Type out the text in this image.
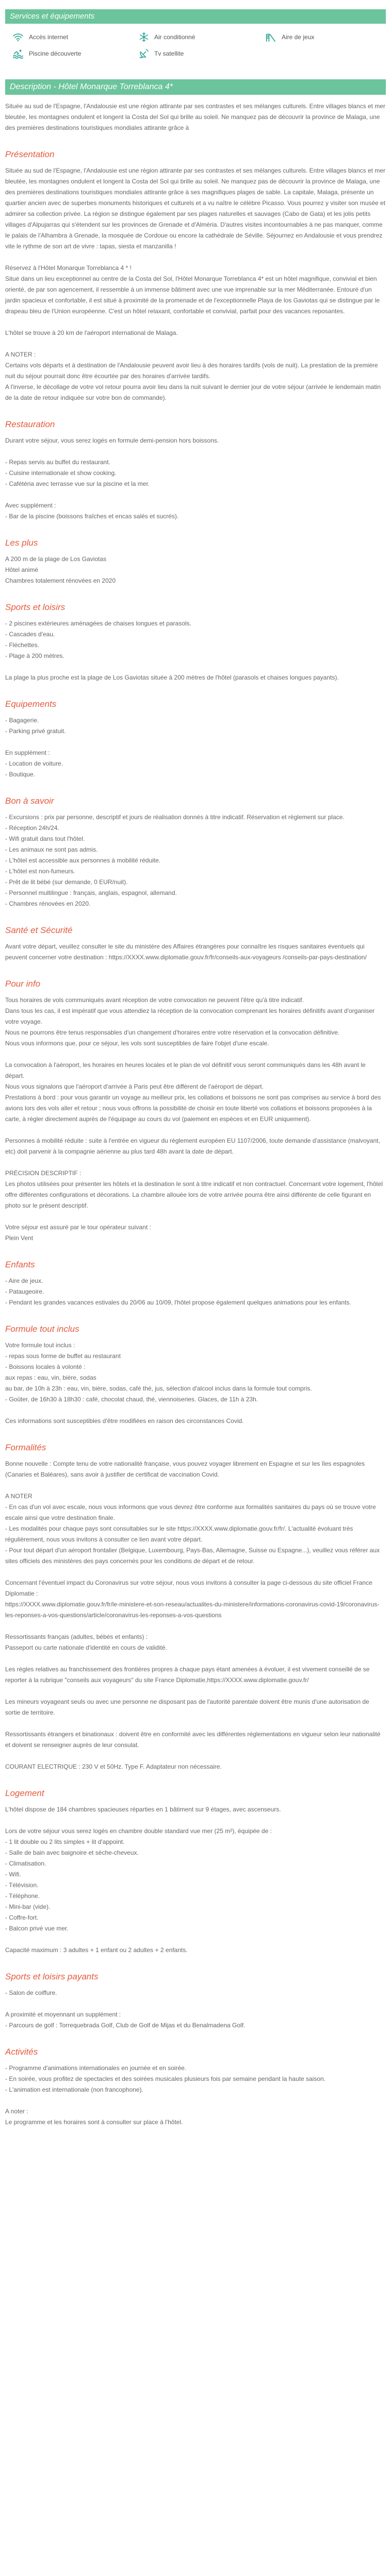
Services et équipements
Accès internet	Air conditionné	Aire de jeux
Piscine découverte	Tv satellite
Description - Hôtel Monarque Torreblanca 4*

Située au sud de l'Espagne, l'Andalousie est une région attirante par ses contrastes et ses mélanges culturels. Entre villages blancs et mer bleutée, les montagnes ondulent et longent la Costa del Sol qui brille au soleil. Ne manquez pas de découvrir la province de Malaga, une des premières destinations touristiques mondiales attirante grâce à

Présentation

Située au sud de l'Espagne, l'Andalousie est une région attirante par ses contrastes et ses mélanges culturels. Entre villages blancs et mer bleutée, les montagnes ondulent et longent la Costa del Sol qui brille au soleil. Ne manquez pas de découvrir la province de Malaga, une des premières destinations touristiques mondiales attirante grâce à ses magnifiques plages de sable. La capitale, Malaga, présente un quartier ancien avec de superbes monuments historiques et culturels et a vu naître le célèbre Picasso. Vous pourrez y visiter son musée et admirer sa collection privée. La région se distingue également par ses plages naturelles et sauvages (Cabo de Gata) et les jolis petits villages d'Alpujarras qui s'étendent sur les provinces de Grenade et d'Alméria. D'autres visites incontournables à ne pas manquer, comme le palais de l'Alhambra à Grenade, la mosquée de Cordoue ou encore la cathédrale de Séville. Séjournez en Andalousie et vous prendrez vite le rythme de son art de vivre : tapas, siesta et manzanilla !

Réservez à l'Hôtel Monarque Torreblanca 4 * !
Situé dans un lieu exceptionnel au centre de la Costa del Sol, l'Hôtel Monarque Torreblanca 4* est un hôtel magnifique, convivial et bien orienté, de par son agencement, il ressemble à un immense bâtiment avec une vue imprenable sur la mer Méditerranée. Entouré d'un jardin spacieux et confortable, il est situé à proximité de la promenade et de l'exceptionnelle Playa de los Gaviotas qui se distingue par le drapeau bleu de l'Union européenne. C'est un hôtel relaxant, confortable et convivial, parfait pour des vacances reposantes.

L'hôtel se trouve à 20 km de l'aéroport international de Malaga.

A NOTER :
Certains vols départs et à destination de l'Andalousie peuvent avoir lieu à des horaires tardifs (vols de nuit). La prestation de la première nuit du séjour pourrait donc être écourtée par des horaires d'arrivée tardifs.
A l'inverse, le décollage de votre vol retour pourra avoir lieu dans la nuit suivant le dernier jour de votre séjour (arrivée le lendemain matin de la date de retour indiquée sur votre bon de commande).

Restauration

Durant votre séjour, vous serez logés en formule demi-pension hors boissons.

- Repas servis au buffet du restaurant.
- Cuisine internationale et show cooking.
- Cafétéria avec terrasse vue sur la piscine et la mer.

Avec supplément :
- Bar de la piscine (boissons fraîches et encas salés et sucrés).

Les plus

A 200 m de la plage de Los Gaviotas
Hôtel animé
Chambres totalement rénovées en 2020

Sports et loisirs

- 2 piscines extérieures aménagées de chaises longues et parasols.
- Cascades d'eau.
- Fléchettes.
- Plage à 200 mètres.

La plage la plus proche est la plage de Los Gaviotas située à 200 mètres de l'hôtel (parasols et chaises longues payants).

Equipements

- Bagagerie.
- Parking privé gratuit.

En supplément :
- Location de voiture.
- Boutique.

Bon à savoir

- Excursions : prix par personne, descriptif et jours de réalisation donnés à titre indicatif. Réservation et règlement sur place.
- Réception 24h/24.
- Wifi gratuit dans tout l'hôtel.
- Les animaux ne sont pas admis.
- L'hôtel est accessible aux personnes à mobilité réduite.
- L'hôtel est non-fumeurs.
- Prêt de lit bébé (sur demande, 0 EUR/nuit).
- Personnel multilingue : français, anglais, espagnol, allemand.
- Chambres rénovées en 2020.

Santé et Sécurité

Avant votre départ, veuillez consulter le site du ministère des Affaires étrangères pour connaître les risques sanitaires éventuels qui peuvent concerner votre destination : https://XXXX.www.diplomatie.gouv.fr/fr/conseils-aux-voyageurs /conseils-par-pays-destination/

Pour info

Tous horaires de vols communiqués avant réception de votre convocation ne peuvent l'être qu'à titre indicatif.
Dans tous les cas, il est impératif que vous attendiez la réception de la convocation comprenant les horaires définitifs avant d'organiser votre voyage.
Nous ne pourrons être tenus responsables d'un changement d'horaires entre votre réservation et la convocation définitive.
Nous vous informons que, pour ce séjour, les vols sont susceptibles de faire l'objet d'une escale.

La convocation à l'aéroport, les horaires en heures locales et le plan de vol définitif vous seront communiqués dans les 48h avant le départ.
Nous vous signalons que l'aéroport d'arrivée à Paris peut être différent de l'aéroport de départ.
Prestations à bord : pour vous garantir un voyage au meilleur prix, les collations et boissons ne sont pas comprises au service à bord des avions lors des vols aller et retour ; nous vous offrons la possibilité de choisir en toute liberté vos collations et boissons proposées à la carte, à régler directement auprès de l'équipage au cours du vol (paiement en espèces et en EUR uniquement).

Personnes à mobilité réduite : suite à l'entrée en vigueur du règlement européen EU 1107/2006, toute demande d'assistance (malvoyant, etc) doit parvenir à la compagnie aérienne au plus tard 48h avant la date de départ.

PRÉCISION DESCRIPTIF :
Les photos utilisées pour présenter les hôtels et la destination le sont à titre indicatif et non contractuel. Concernant votre logement, l'hôtel offre différentes configurations et décorations. La chambre allouée lors de votre arrivée pourra être ainsi différente de celle figurant en photo sur le présent descriptif.

Votre séjour est assuré par le tour opérateur suivant :
Plein Vent

Enfants

- Aire de jeux.
- Pataugeoire.
- Pendant les grandes vacances estivales du 20/06 au 10/09, l'hôtel propose également quelques animations pour les enfants.

Formule tout inclus

Votre formule tout inclus :
- repas sous forme de buffet au restaurant
- Boissons locales à volonté :
aux repas : eau, vin, bière, sodas
au bar, de 10h à 23h : eau, vin, bière, sodas, café thé, jus, sélection d'alcool inclus dans la formule tout compris.
- Goûter, de 16h30 à 18h30 : café, chocolat chaud, thé, viennoiseries. Glaces, de 11h à 23h.

Ces informations sont susceptibles d'être modifiées en raison des circonstances Covid.

Formalités

Bonne nouvelle : Compte tenu de votre nationalité française, vous pouvez voyager librement en Espagne et sur les îles espagnoles (Canaries et Baléares), sans avoir à justifier de certificat de vaccination Covid.

A NOTER
- En cas d'un vol avec escale, nous vous informons que vous devrez être conforme aux formalités sanitaires du pays où se trouve votre escale ainsi que votre destination finale.
- Les modalités pour chaque pays sont consultables sur le site https://XXXX.www.diplomatie.gouv.fr/fr/. L'actualité évoluant très régulièrement, nous vous invitons à consulter ce lien avant votre départ.
- Pour tout départ d'un aéroport frontalier (Belgique, Luxembourg, Pays-Bas, Allemagne, Suisse ou Espagne...), veuillez vous référer aux sites officiels des ministères des pays concernés pour les conditions de départ et de retour.

Concernant l'éventuel impact du Coronavirus sur votre séjour, nous vous invitons à consulter la page ci-dessous du site officiel France Diplomatie :
https://XXXX.www.diplomatie.gouv.fr/fr/le-ministere-et-son-reseau/actualites-du-ministere/informations-coronavirus-covid-19/coronavirus-les-reponses-a-vos-questions/article/coronavirus-les-reponses-a-vos-questions

Ressortissants français (adultes, bébés et enfants) :
Passeport ou carte nationale d'identité en cours de validité.

Les règles relatives au franchissement des frontières propres à chaque pays étant amenées à évoluer, il est vivement conseillé de se reporter à la rubrique "conseils aux voyageurs" du site France Diplomatie,https://XXXX.www.diplomatie.gouv.fr/

Les mineurs voyageant seuls ou avec une personne ne disposant pas de l'autorité parentale doivent être munis d'une autorisation de sortie de territoire.

Ressortissants étrangers et binationaux : doivent être en conformité avec les différentes réglementations en vigueur selon leur nationalité et doivent se renseigner auprès de leur consulat.

COURANT ELECTRIQUE : 230 V et 50Hz. Type F. Adaptateur non nécessaire.

Logement

L'hôtel dispose de 184 chambres spacieuses réparties en 1 bâtiment sur 9 étages, avec ascenseurs.

Lors de votre séjour vous serez logés en chambre double standard vue mer (25 m²), équipée de :
- 1 lit double ou 2 lits simples + lit d'appoint.
- Salle de bain avec baignoire et sèche-cheveux.
- Climatisation.
- Wifi.
- Télévision.
- Téléphone.
- Mini-bar (vide).
- Coffre-fort.
- Balcon privé vue mer.

Capacité maximum : 3 adultes + 1 enfant ou 2 adultes + 2 enfants.

Sports et loisirs payants

- Salon de coiffure.

A proximité et moyennant un supplément :
- Parcours de golf : Torrequebrada Golf, Club de Golf de Mijas et du Benalmadena Golf.

Activités

- Programme d'animations internationales en journée et en soirée.
- En soirée, vous profitez de spectacles et des soirées musicales plusieurs fois par semaine pendant la haute saison.
- L'animation est internationale (non francophone).

A noter :
Le programme et les horaires sont à consulter sur place à l'hôtel.
